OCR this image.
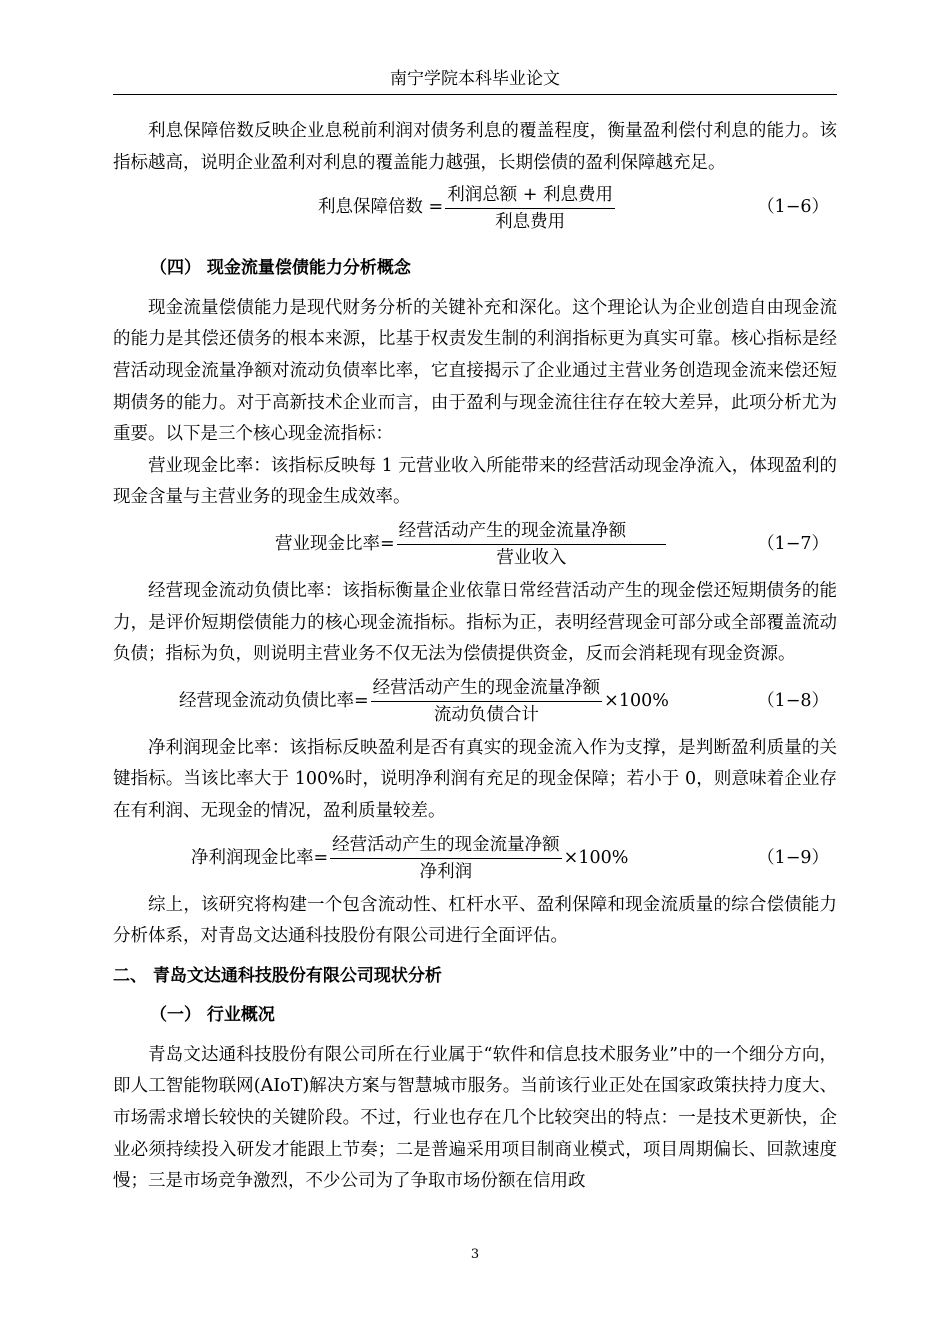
南宁学院本科毕业论文

利息保障倍数反映企业息税前利润对债务利息的覆盖程度，衡量盈利偿付利息的能力。该指标越高，说明企业盈利对利息的覆盖能力越强，长期偿债的盈利保障越充足。

利息保障倍数 = $\frac{\text{利润总额 + 利息费用}}{\text{利息费用}}$	（1−6）

（四） 现金流量偿债能力分析概念

现金流量偿债能力是现代财务分析的关键补充和深化。这个理论认为企业创造自由现金流的能力是其偿还债务的根本来源，比基于权责发生制的利润指标更为真实可靠。核心指标是经营活动现金流量净额对流动负债率比率，它直接揭示了企业通过主营业务创造现金流来偿还短期债务的能力。对于高新技术企业而言，由于盈利与现金流往往存在较大差异，此项分析尤为重要。以下是三个核心现金流指标：

营业现金比率：该指标反映每 1 元营业收入所能带来的经营活动现金净流入，体现盈利的现金含量与主营业务的现金生成效率。

营业现金比率= $\frac{\text{经营活动产生的现金流量净额}}{\text{营业收入}}$	（1−7）

经营现金流动负债比率：该指标衡量企业依靠日常经营活动产生的现金偿还短期债务的能力，是评价短期偿债能力的核心现金流指标。指标为正，表明经营现金可部分或全部覆盖流动负债；指标为负，则说明主营业务不仅无法为偿债提供资金，反而会消耗现有现金资源。

经营现金流动负债比率= $\frac{\text{经营活动产生的现金流量净额}}{\text{流动负债合计}} \times 100\%$	（1−8）

净利润现金比率：该指标反映盈利是否有真实的现金流入作为支撑，是判断盈利质量的关键指标。当该比率大于 100%时，说明净利润有充足的现金保障；若小于 0，则意味着企业存在有利润、无现金的情况，盈利质量较差。

净利润现金比率= $\frac{\text{经营活动产生的现金流量净额}}{\text{净利润}} \times 100\%$	（1−9）

综上，该研究将构建一个包含流动性、杠杆水平、盈利保障和现金流质量的综合偿债能力分析体系，对青岛文达通科技股份有限公司进行全面评估。

二、 青岛文达通科技股份有限公司现状分析

（一） 行业概况

青岛文达通科技股份有限公司所在行业属于“软件和信息技术服务业”中的一个细分方向，即人工智能物联网(AIoT)解决方案与智慧城市服务。当前该行业正处在国家政策扶持力度大、市场需求增长较快的关键阶段。不过，行业也存在几个比较突出的特点：一是技术更新快，企业必须持续投入研发才能跟上节奏；二是普遍采用项目制商业模式，项目周期偏长、回款速度慢；三是市场竞争激烈，不少公司为了争取市场份额在信用政

3
